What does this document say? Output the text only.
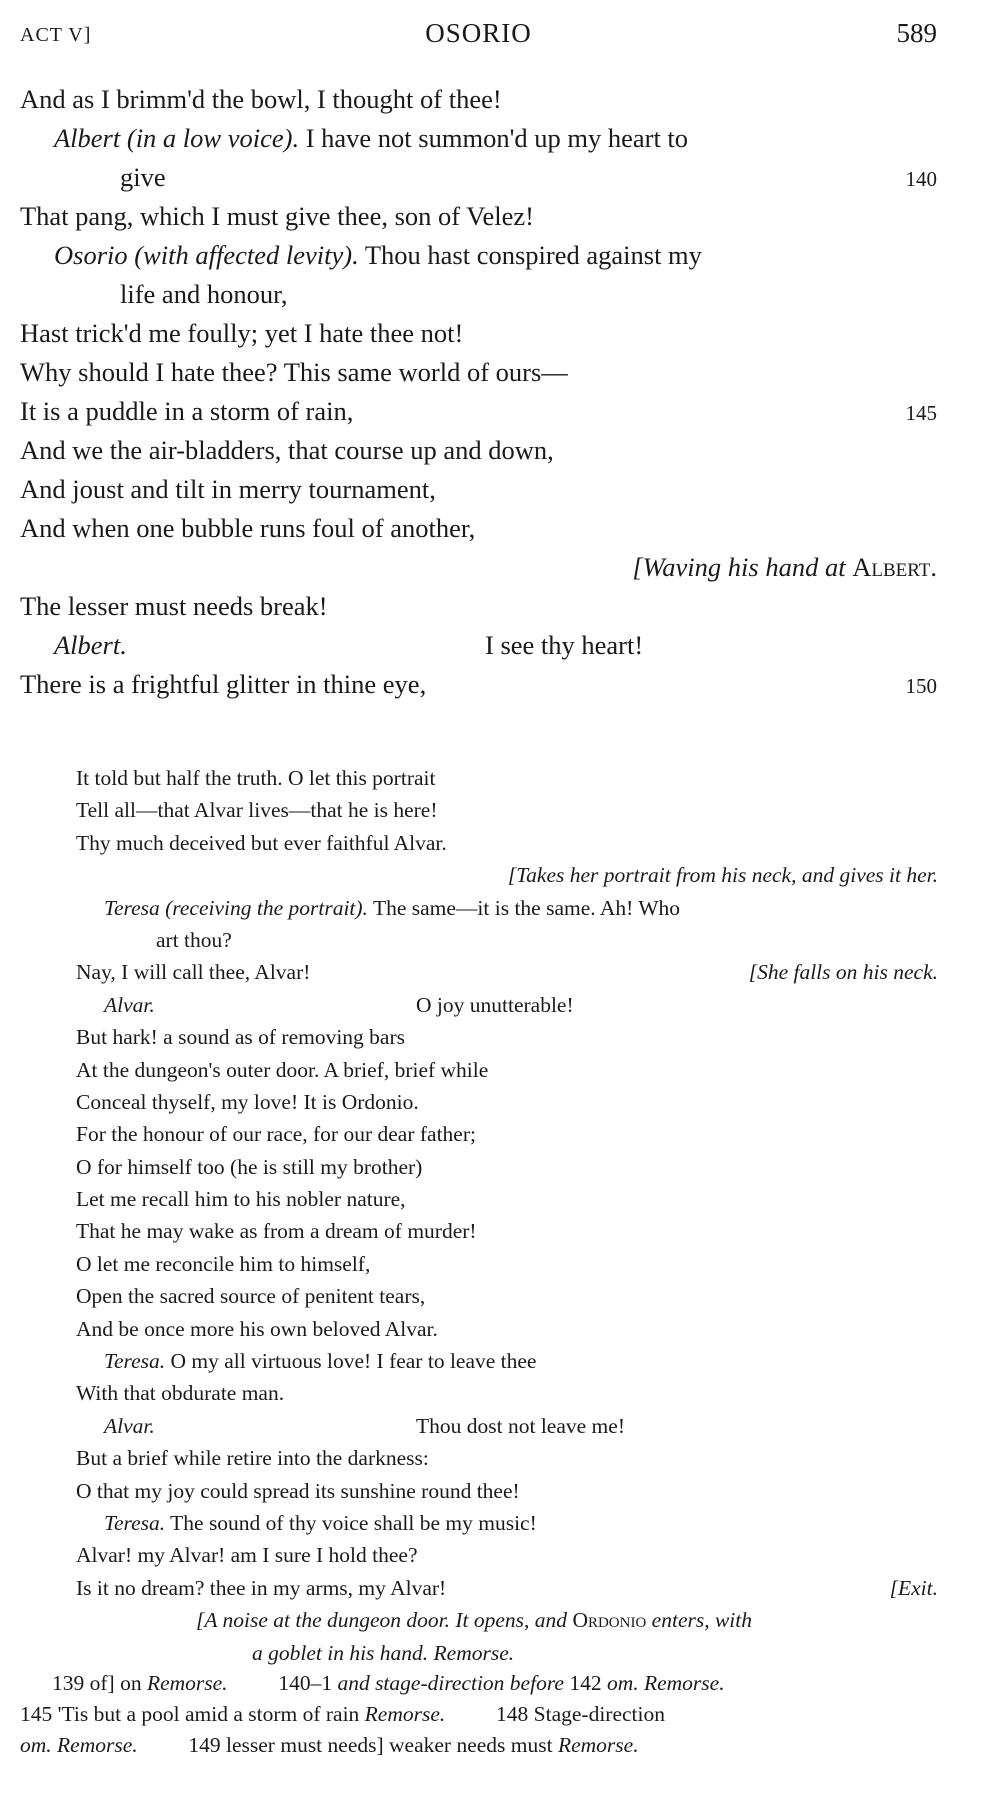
ACT V]	OSORIO	589
And as I brimm'd the bowl, I thought of thee!
Albert (in a low voice). I have not summon'd up my heart to
give	140
That pang, which I must give thee, son of Velez!
Osorio (with affected levity). Thou hast conspired against my
life and honour,
Hast trick'd me foully; yet I hate thee not!
Why should I hate thee? This same world of ours—
It is a puddle in a storm of rain,	145
And we the air-bladders, that course up and down,
And joust and tilt in merry tournament,
And when one bubble runs foul of another,
[Waving his hand at Albert.
The lesser must needs break!
Albert.	I see thy heart!
There is a frightful glitter in thine eye,	150
It told but half the truth. O let this portrait
Tell all—that Alvar lives—that he is here!
Thy much deceived but ever faithful Alvar.
[Takes her portrait from his neck, and gives it her.
Teresa (receiving the portrait). The same—it is the same. Ah! Who
art thou?
Nay, I will call thee, Alvar!	[She falls on his neck.
Alvar.	O joy unutterable!
But hark! a sound as of removing bars
At the dungeon's outer door. A brief, brief while
Conceal thyself, my love! It is Ordonio.
For the honour of our race, for our dear father;
O for himself too (he is still my brother)
Let me recall him to his nobler nature,
That he may wake as from a dream of murder!
O let me reconcile him to himself,
Open the sacred source of penitent tears,
And be once more his own beloved Alvar.
Teresa. O my all virtuous love! I fear to leave thee
With that obdurate man.
Alvar.	Thou dost not leave me!
But a brief while retire into the darkness:
O that my joy could spread its sunshine round thee!
Teresa. The sound of thy voice shall be my music!
Alvar! my Alvar! am I sure I hold thee?
Is it no dream? thee in my arms, my Alvar!	[Exit.
[A noise at the dungeon door. It opens, and Ordonio enters, with
a goblet in his hand. Remorse.
139 of] on Remorse. 140–1 and stage-direction before 142 om. Remorse.
145 'Tis but a pool amid a storm of rain Remorse. 148 Stage-direction
om. Remorse. 149 lesser must needs] weaker needs must Remorse.
